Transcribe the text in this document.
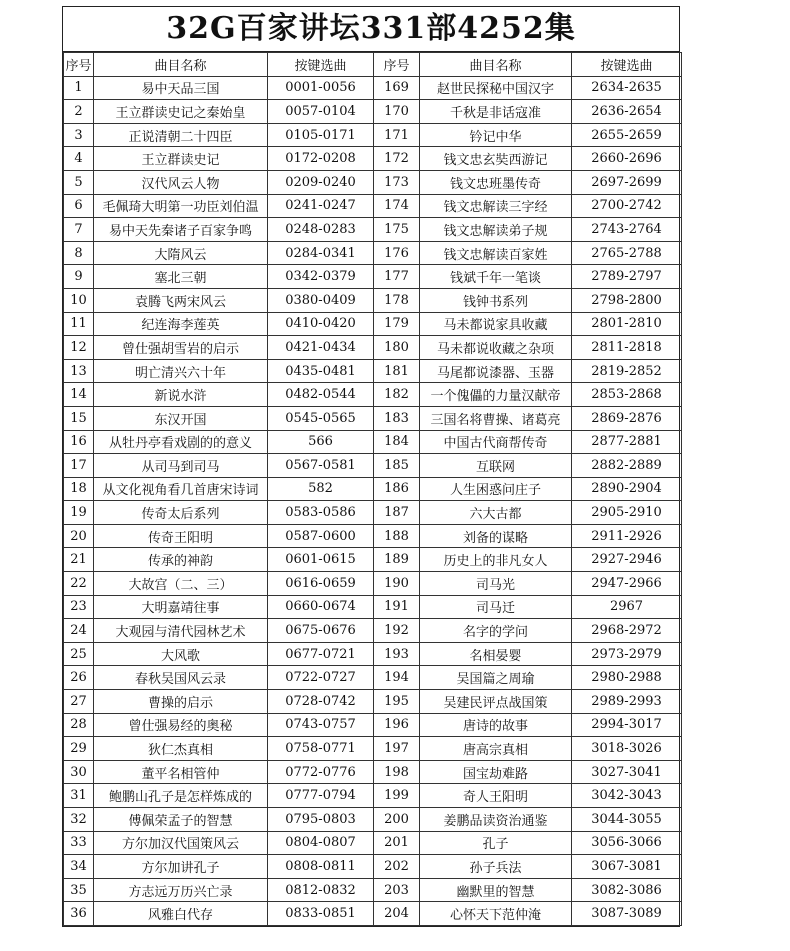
32G百家讲坛331部4252集
序号	曲目名称	按键选曲	序号	曲目名称	按键选曲
1	易中天品三国	0001-0056	169	赵世民探秘中国汉字	2634-2635
2	王立群读史记之秦始皇	0057-0104	170	千秋是非话寇准	2636-2654
3	正说清朝二十四臣	0105-0171	171	钤记中华	2655-2659
4	王立群读史记	0172-0208	172	钱文忠玄奘西游记	2660-2696
5	汉代风云人物	0209-0240	173	钱文忠班墨传奇	2697-2699
6	毛佩琦大明第一功臣刘伯温	0241-0247	174	钱文忠解读三字经	2700-2742
7	易中天先秦诸子百家争鸣	0248-0283	175	钱文忠解读弟子规	2743-2764
8	大隋风云	0284-0341	176	钱文忠解读百家姓	2765-2788
9	塞北三朝	0342-0379	177	钱斌千年一笔谈	2789-2797
10	袁腾飞两宋风云	0380-0409	178	钱钟书系列	2798-2800
11	纪连海李莲英	0410-0420	179	马未都说家具收藏	2801-2810
12	曾仕强胡雪岩的启示	0421-0434	180	马未都说收藏之杂项	2811-2818
13	明亡清兴六十年	0435-0481	181	马尾都说漆器、玉器	2819-2852
14	新说水浒	0482-0544	182	一个傀儡的力量汉献帝	2853-2868
15	东汉开国	0545-0565	183	三国名将曹操、诸葛亮	2869-2876
16	从牡丹亭看戏剧的的意义	566	184	中国古代商帮传奇	2877-2881
17	从司马到司马	0567-0581	185	互联网	2882-2889
18	从文化视角看几首唐宋诗词	582	186	人生困惑问庄子	2890-2904
19	传奇太后系列	0583-0586	187	六大古都	2905-2910
20	传奇王阳明	0587-0600	188	刘备的谋略	2911-2926
21	传承的神韵	0601-0615	189	历史上的非凡女人	2927-2946
22	大故宫（二、三）	0616-0659	190	司马光	2947-2966
23	大明嘉靖往事	0660-0674	191	司马迁	2967
24	大观园与清代园林艺术	0675-0676	192	名字的学问	2968-2972
25	大风歌	0677-0721	193	名相晏婴	2973-2979
26	春秋吴国风云录	0722-0727	194	吴国篇之周瑜	2980-2988
27	曹操的启示	0728-0742	195	吴建民评点战国策	2989-2993
28	曾仕强易经的奥秘	0743-0757	196	唐诗的故事	2994-3017
29	狄仁杰真相	0758-0771	197	唐高宗真相	3018-3026
30	董平名相管仲	0772-0776	198	国宝劫难路	3027-3041
31	鲍鹏山孔子是怎样炼成的	0777-0794	199	奇人王阳明	3042-3043
32	傅佩荣孟子的智慧	0795-0803	200	姜鹏品读资治通鉴	3044-3055
33	方尔加汉代国策风云	0804-0807	201	孔子	3056-3066
34	方尔加讲孔子	0808-0811	202	孙子兵法	3067-3081
35	方志远万历兴亡录	0812-0832	203	幽默里的智慧	3082-3086
36	风雅白代存	0833-0851	204	心怀天下范仲淹	3087-3089
